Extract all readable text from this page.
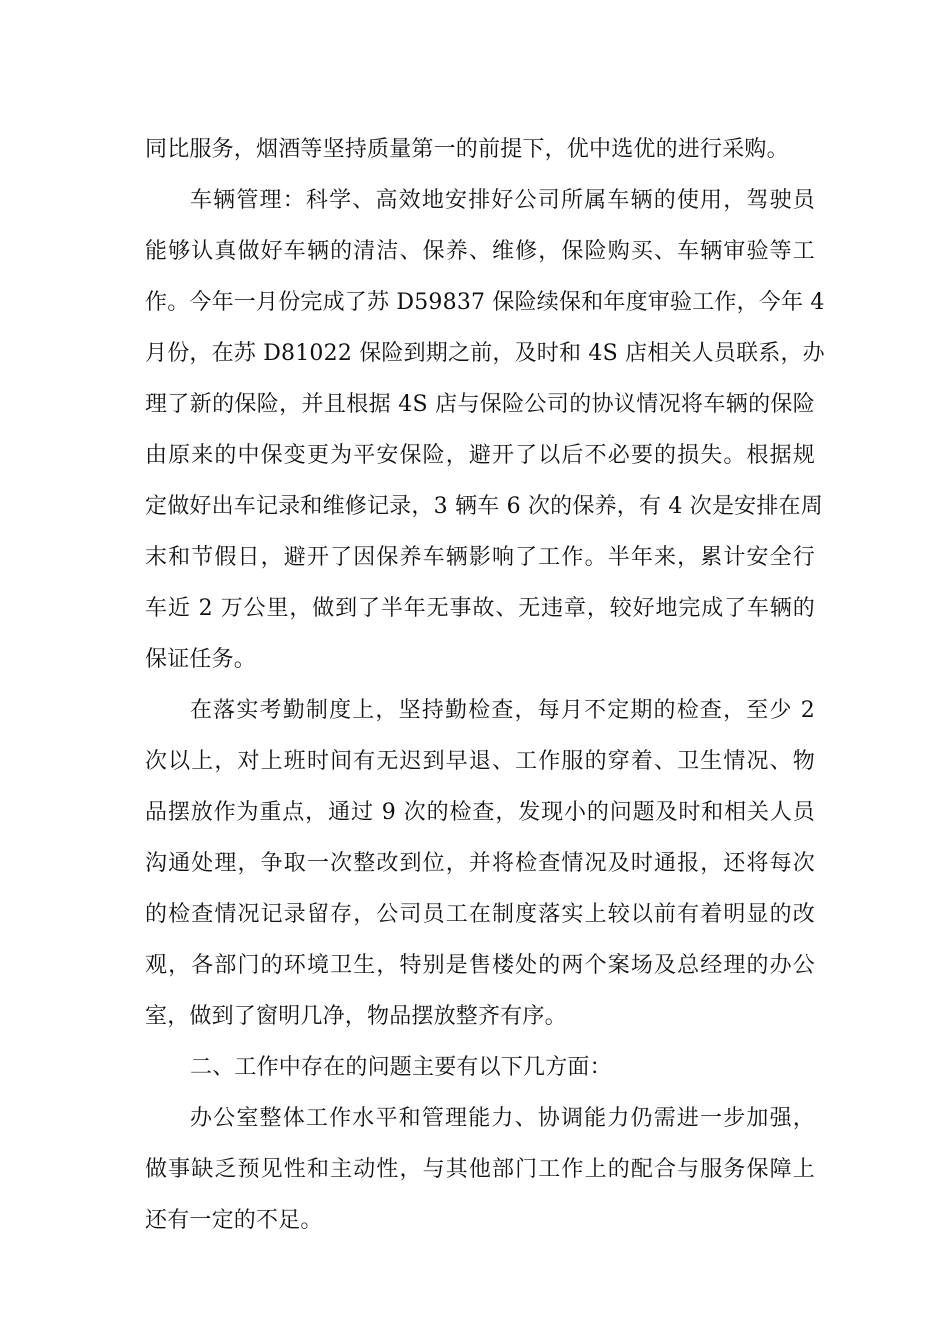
同比服务，烟酒等坚持质量第一的前提下，优中选优的进行采购。

车辆管理：科学、高效地安排好公司所属车辆的使用，驾驶员

能够认真做好车辆的清洁、保养、维修，保险购买、车辆审验等工

作。今年一月份完成了苏 D59837 保险续保和年度审验工作，今年 4

月份，在苏 D81022 保险到期之前，及时和 4S 店相关人员联系，办

理了新的保险，并且根据 4S 店与保险公司的协议情况将车辆的保险

由原来的中保变更为平安保险，避开了以后不必要的损失。根据规

定做好出车记录和维修记录，3 辆车 6 次的保养，有 4 次是安排在周

末和节假日，避开了因保养车辆影响了工作。半年来，累计安全行

车近 2 万公里，做到了半年无事故、无违章，较好地完成了车辆的

保证任务。

在落实考勤制度上，坚持勤检查，每月不定期的检查，至少 2

次以上，对上班时间有无迟到早退、工作服的穿着、卫生情况、物

品摆放作为重点，通过 9 次的检查，发现小的问题及时和相关人员

沟通处理，争取一次整改到位，并将检查情况及时通报，还将每次

的检查情况记录留存，公司员工在制度落实上较以前有着明显的改

观，各部门的环境卫生，特别是售楼处的两个案场及总经理的办公

室，做到了窗明几净，物品摆放整齐有序。

二、工作中存在的问题主要有以下几方面：

办公室整体工作水平和管理能力、协调能力仍需进一步加强，

做事缺乏预见性和主动性，与其他部门工作上的配合与服务保障上

还有一定的不足。
